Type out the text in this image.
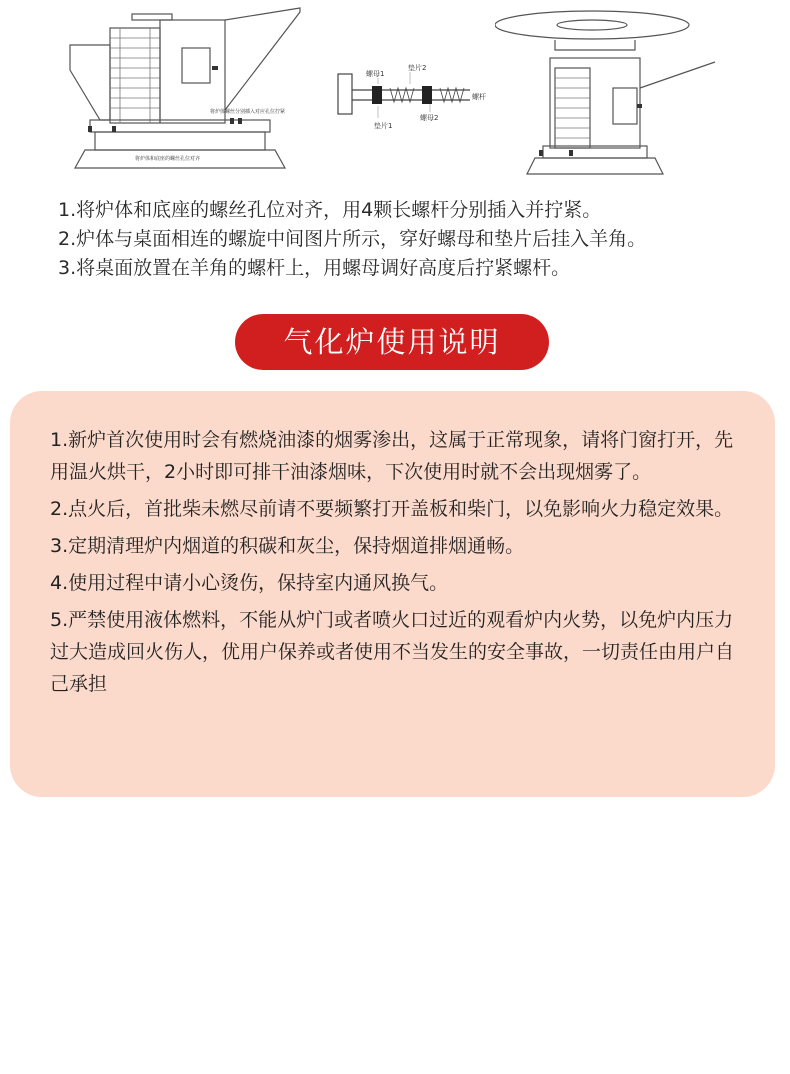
将炉体螺丝分别插入对应孔位拧紧
将炉体和底座的螺丝孔位对齐
螺母1
垫片2
螺杆
垫片1
螺母2
1.将炉体和底座的螺丝孔位对齐，用4颗长螺杆分别插入并拧紧。
2.炉体与桌面相连的螺旋中间图片所示，穿好螺母和垫片后挂入羊角。
3.将桌面放置在羊角的螺杆上，用螺母调好高度后拧紧螺杆。
气化炉使用说明
1.新炉首次使用时会有燃烧油漆的烟雾渗出，这属于正常现象，请将门窗打开，先用温火烘干，2小时即可排干油漆烟味，下次使用时就不会出现烟雾了。
2.点火后，首批柴未燃尽前请不要频繁打开盖板和柴门，以免影响火力稳定效果。
3.定期清理炉内烟道的积碳和灰尘，保持烟道排烟通畅。
4.使用过程中请小心烫伤，保持室内通风换气。
5.严禁使用液体燃料，不能从炉门或者喷火口过近的观看炉内火势，以免炉内压力过大造成回火伤人，优用户保养或者使用不当发生的安全事故，一切责任由用户自己承担
